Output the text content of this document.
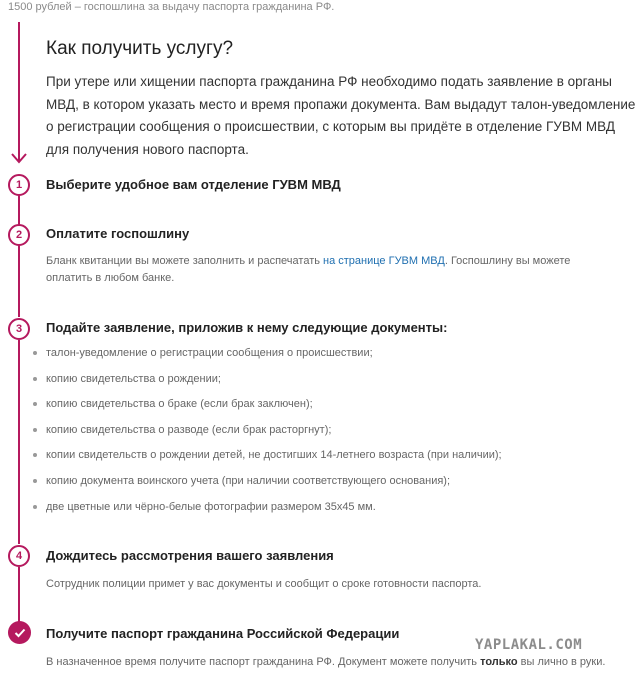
1500 рублей – госпошлина за выдачу паспорта гражданина РФ.
Как получить услугу?
При утере или хищении паспорта гражданина РФ необходимо подать заявление в органы МВД, в котором указать место и время пропажи документа. Вам выдадут талон-уведомление о регистрации сообщения о происшествии, с которым вы придёте в отделение ГУВМ МВД для получения нового паспорта.
1	Выберите удобное вам отделение ГУВМ МВД
2	Оплатите госпошлину
Бланк квитанции вы можете заполнить и распечатать на странице ГУВМ МВД. Госпошлину вы можете оплатить в любом банке.
3	Подайте заявление, приложив к нему следующие документы:
талон-уведомление о регистрации сообщения о происшествии;
копию свидетельства о рождении;
копию свидетельства о браке (если брак заключен);
копию свидетельства о разводе (если брак расторгнут);
копии свидетельств о рождении детей, не достигших 14-летнего возраста (при наличии);
копию документа воинского учета (при наличии соответствующего основания);
две цветные или чёрно-белые фотографии размером 35х45 мм.
4	Дождитесь рассмотрения вашего заявления
Сотрудник полиции примет у вас документы и сообщит о сроке готовности паспорта.
Получите паспорт гражданина Российской Федерации
В назначенное время получите паспорт гражданина РФ. Документ можете получить только вы лично в руки.
YAPLAKAL.COM
